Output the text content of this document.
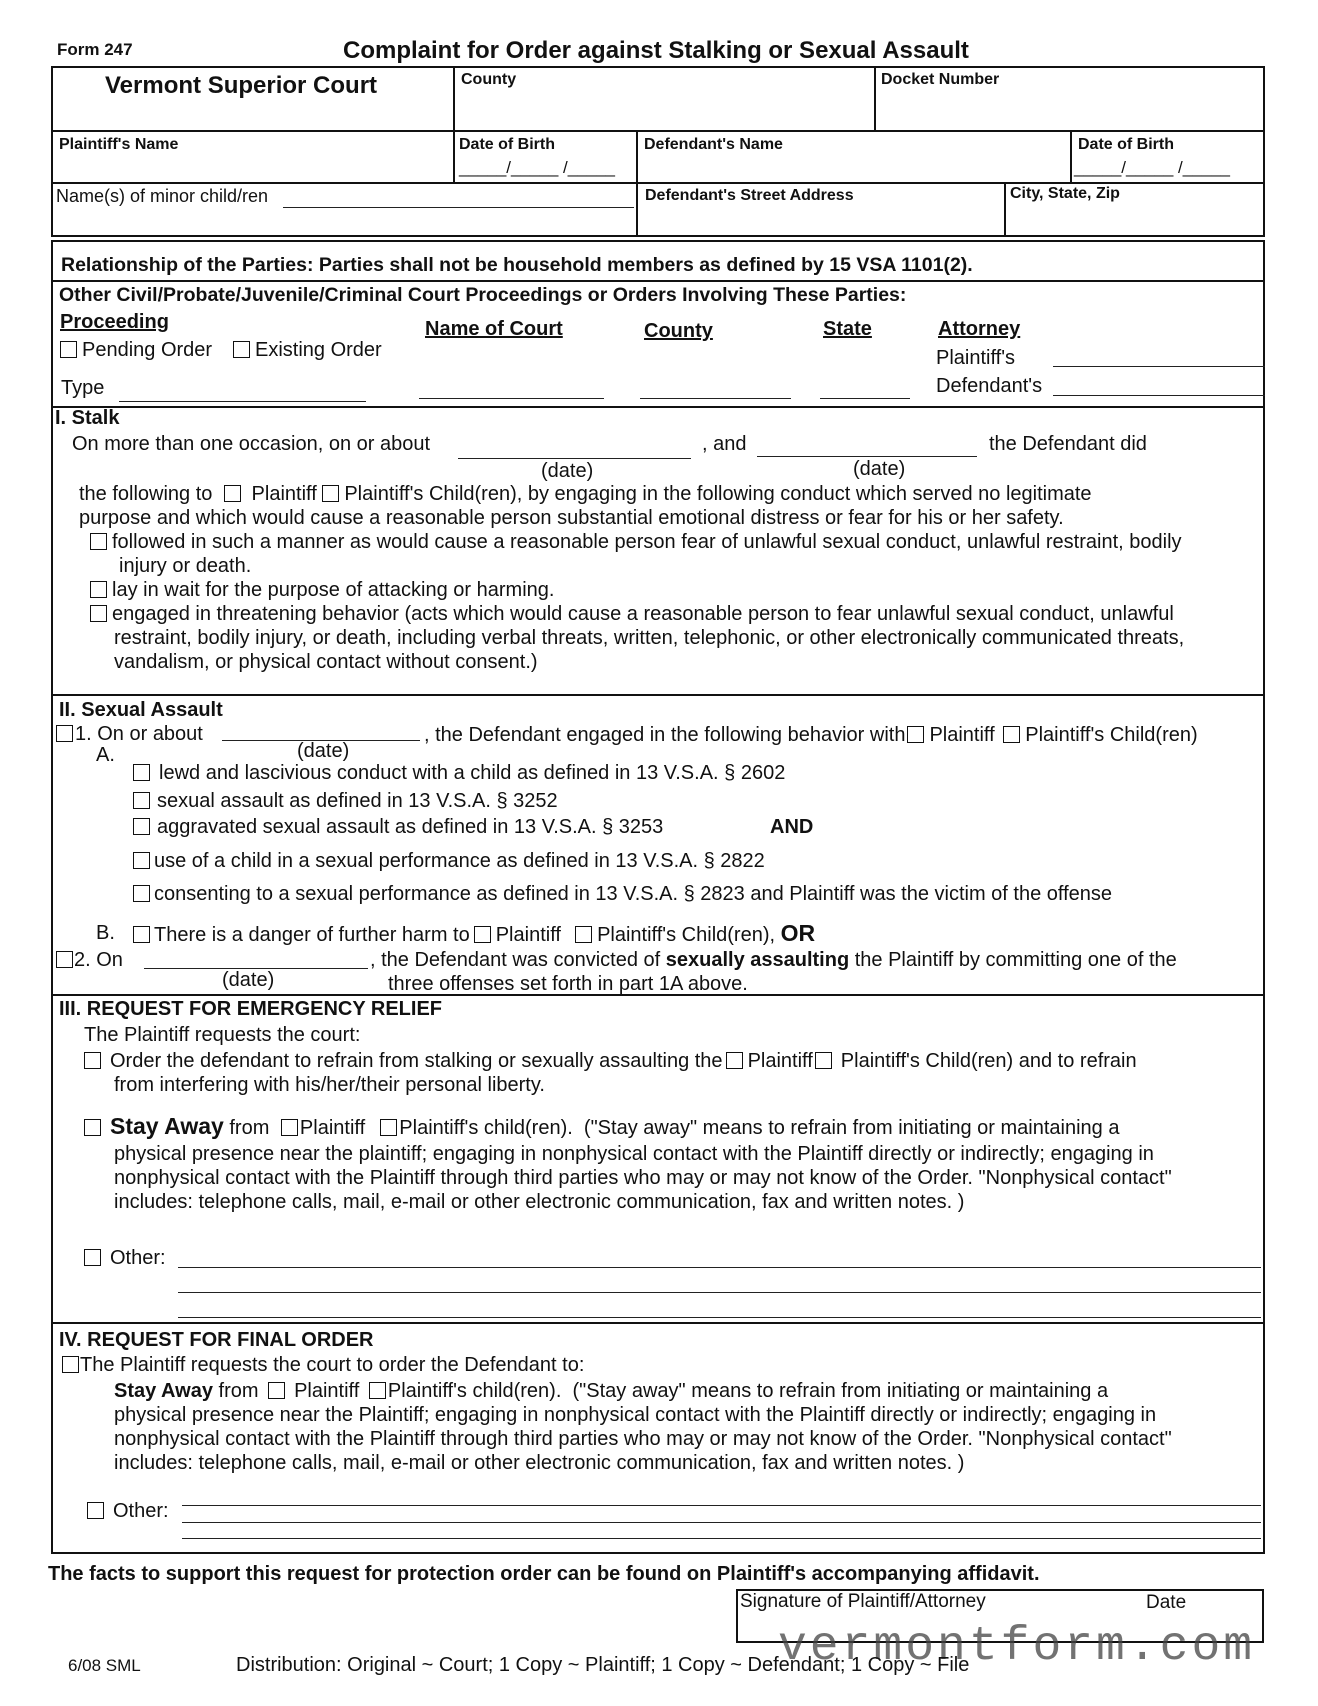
Form 247	Complaint for Order against Stalking or Sexual Assault
Vermont Superior Court	County	Docket Number
Plaintiff's Name	Date of Birth
_____/_____ /_____
Defendant's Name	Date of Birth
_____/_____ /_____
Name(s) of minor child/ren	Defendant's Street Address	City, State, Zip
Relationship of the Parties: Parties shall not be household members as defined by 15 VSA 1101(2).
Other Civil/Probate/Juvenile/Criminal Court Proceedings or Orders Involving These Parties:
Proceeding
Pending Order	Existing Order
Type
Name of Court	County	State	Attorney
Plaintiff's
Defendant's
I. Stalk
On more than one occasion, on or about	, and	the Defendant did
(date)	(date)
the following to Plaintiff Plaintiff's Child(ren), by engaging in the following conduct which served no legitimate
purpose and which would cause a reasonable person substantial emotional distress or fear for his or her safety.
followed in such a manner as would cause a reasonable person fear of unlawful sexual conduct, unlawful restraint, bodily
injury or death.
lay in wait for the purpose of attacking or harming.
engaged in threatening behavior (acts which would cause a reasonable person to fear unlawful sexual conduct, unlawful
restraint, bodily injury, or death, including verbal threats, written, telephonic, or other electronically communicated threats,
vandalism, or physical contact without consent.)
II. Sexual Assault
1. On or about	, the Defendant engaged in the following behavior with Plaintiff Plaintiff's Child(ren)
A.	(date)
lewd and lascivious conduct with a child as defined in 13 V.S.A. § 2602
sexual assault as defined in 13 V.S.A. § 3252
aggravated sexual assault as defined in 13 V.S.A. § 3253	AND
use of a child in a sexual performance as defined in 13 V.S.A. § 2822
consenting to a sexual performance as defined in 13 V.S.A. § 2823 and Plaintiff was the victim of the offense
B.	There is a danger of further harm to Plaintiff Plaintiff's Child(ren), OR
2. On	, the Defendant was convicted of sexually assaulting the Plaintiff by committing one of the
(date)	three offenses set forth in part 1A above.
III. REQUEST FOR EMERGENCY RELIEF
The Plaintiff requests the court:
Order the defendant to refrain from stalking or sexually assaulting the Plaintiff Plaintiff's Child(ren) and to refrain
from interfering with his/her/their personal liberty.
Stay Away from Plaintiff Plaintiff's child(ren). ("Stay away" means to refrain from initiating or maintaining a
physical presence near the plaintiff; engaging in nonphysical contact with the Plaintiff directly or indirectly; engaging in
nonphysical contact with the Plaintiff through third parties who may or may not know of the Order. "Nonphysical contact"
includes: telephone calls, mail, e-mail or other electronic communication, fax and written notes. )
Other:
IV. REQUEST FOR FINAL ORDER
The Plaintiff requests the court to order the Defendant to:
Stay Away from Plaintiff Plaintiff's child(ren). ("Stay away" means to refrain from initiating or maintaining a
physical presence near the Plaintiff; engaging in nonphysical contact with the Plaintiff directly or indirectly; engaging in
nonphysical contact with the Plaintiff through third parties who may or may not know of the Order. "Nonphysical contact"
includes: telephone calls, mail, e-mail or other electronic communication, fax and written notes. )
Other:
The facts to support this request for protection order can be found on Plaintiff's accompanying affidavit.
Signature of Plaintiff/Attorney	Date
vermontform.com
6/08 SML	Distribution: Original ~ Court; 1 Copy ~ Plaintiff; 1 Copy ~ Defendant; 1 Copy ~ File
